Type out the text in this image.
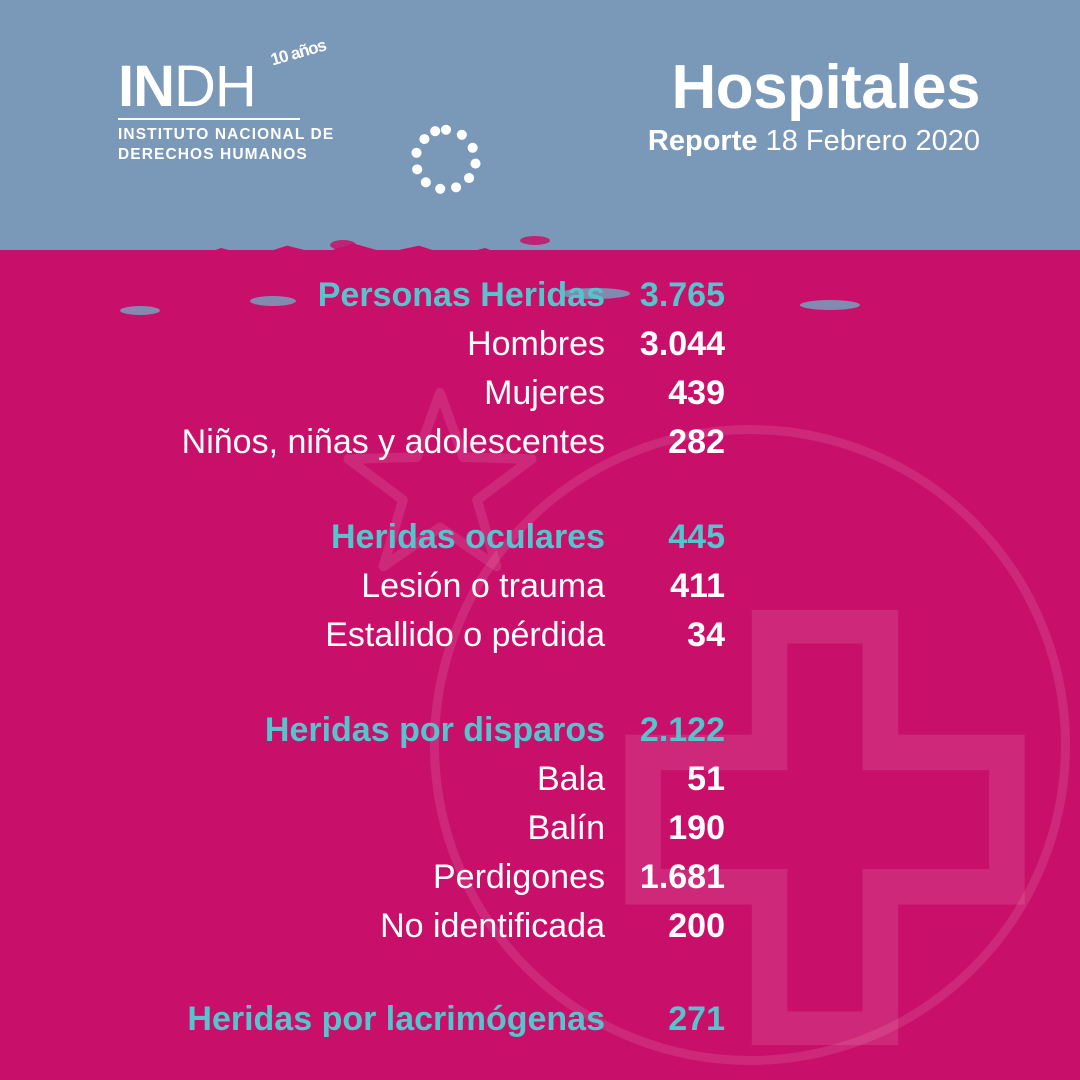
INDH
10 años
INSTITUTO NACIONAL DE
DERECHOS HUMANOS
Hospitales
Reporte 18 Febrero 2020
Personas Heridas	3.765
Hombres	3.044
Mujeres	439
Niños, niñas y adolescentes	282
Heridas oculares	445
Lesión o trauma	411
Estallido o pérdida	34
Heridas por disparos	2.122
Bala	51
Balín	190
Perdigones	1.681
No identificada	200
Heridas por lacrimógenas	271
